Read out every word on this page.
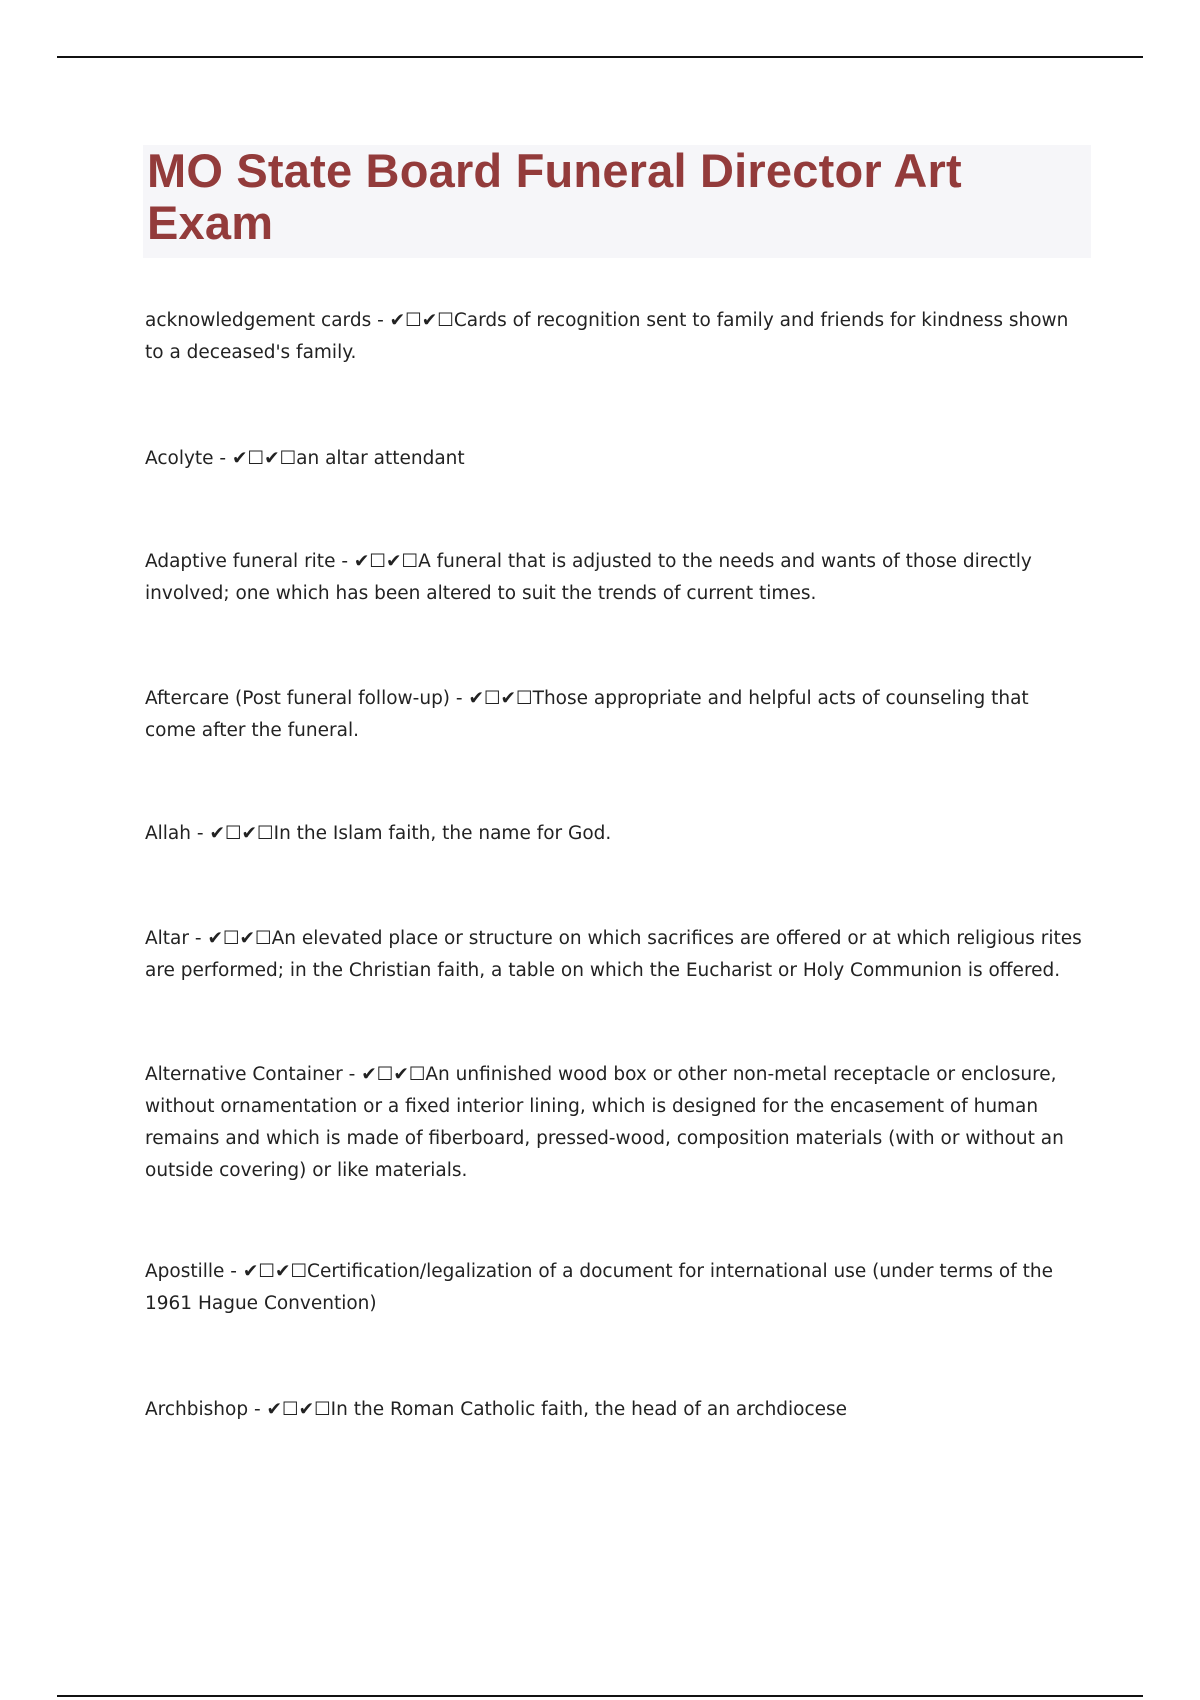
MO State Board Funeral Director Art Exam

acknowledgement cards - ✔☐✔☐Cards of recognition sent to family and friends for kindness shown to a deceased's family.

Acolyte - ✔☐✔☐an altar attendant

Adaptive funeral rite - ✔☐✔☐A funeral that is adjusted to the needs and wants of those directly involved; one which has been altered to suit the trends of current times.

Aftercare (Post funeral follow-up) - ✔☐✔☐Those appropriate and helpful acts of counseling that come after the funeral.

Allah - ✔☐✔☐In the Islam faith, the name for God.

Altar - ✔☐✔☐An elevated place or structure on which sacrifices are offered or at which religious rites are performed; in the Christian faith, a table on which the Eucharist or Holy Communion is offered.

Alternative Container - ✔☐✔☐An unfinished wood box or other non-metal receptacle or enclosure, without ornamentation or a fixed interior lining, which is designed for the encasement of human remains and which is made of fiberboard, pressed-wood, composition materials (with or without an outside covering) or like materials.

Apostille - ✔☐✔☐Certification/legalization of a document for international use (under terms of the 1961 Hague Convention)

Archbishop - ✔☐✔☐In the Roman Catholic faith, the head of an archdiocese
